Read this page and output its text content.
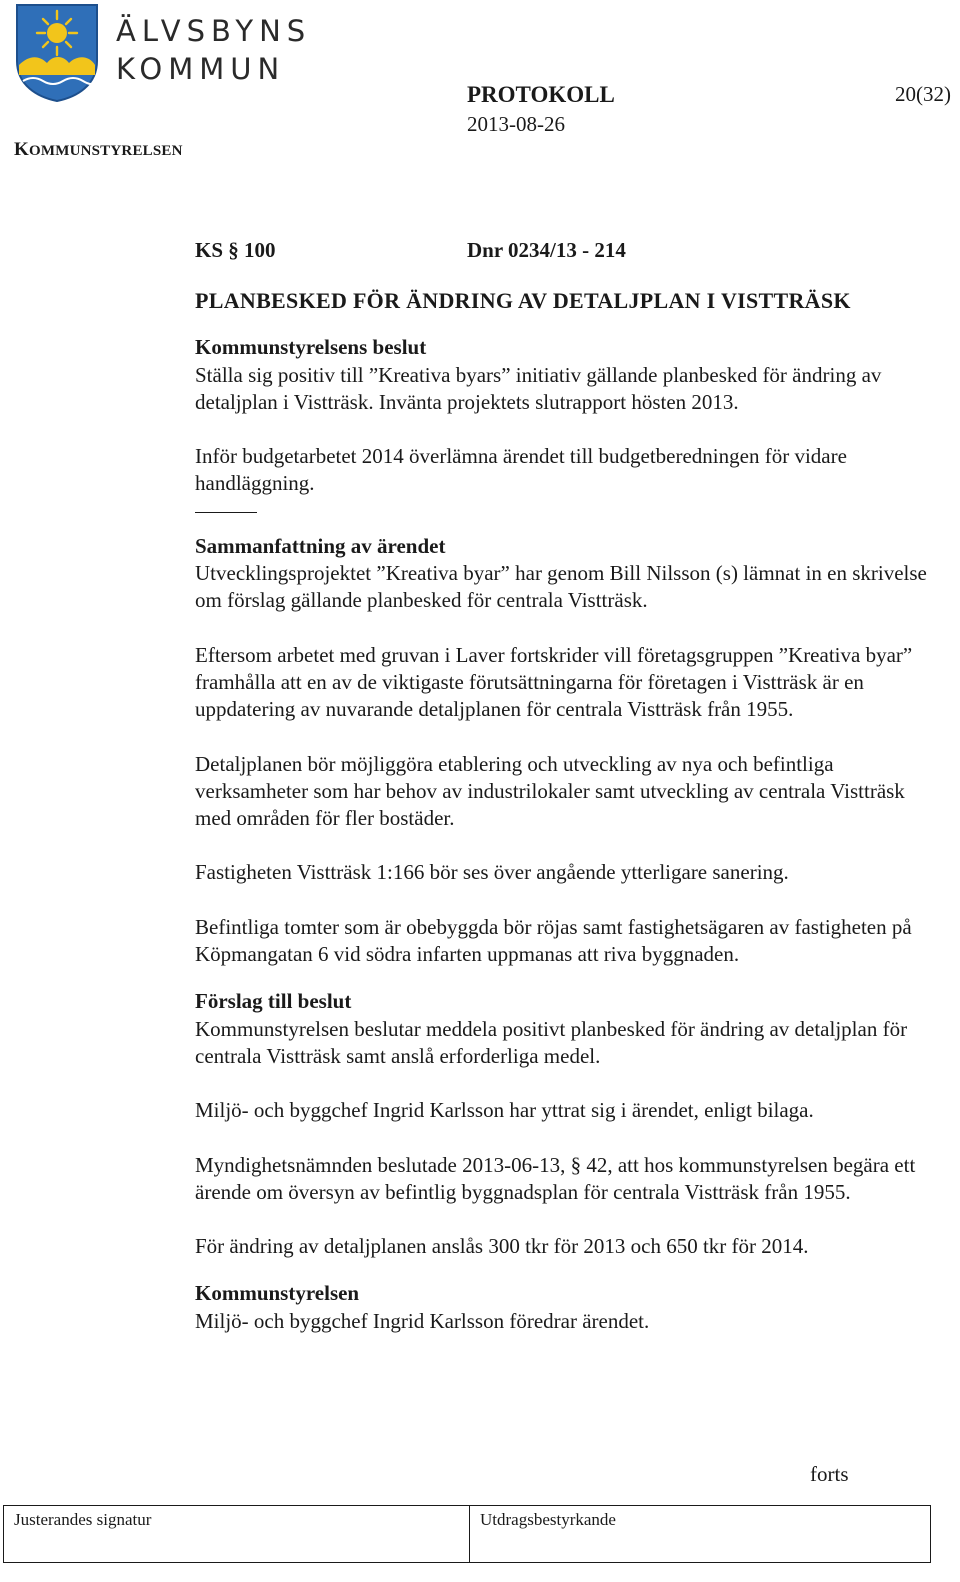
ÄLVSBYNS
KOMMUN
KOMMUNSTYRELSEN
PROTOKOLL
2013-08-26
20(32)
KS § 100	Dnr 0234/13 - 214
PLANBESKED FÖR ÄNDRING AV DETALJPLAN I VISTTRÄSK
Kommunstyrelsens beslut
Ställa sig positiv till ”Kreativa byars” initiativ gällande planbesked för ändring av detaljplan i Vistträsk. Invänta projektets slutrapport hösten 2013.
Inför budgetarbetet 2014 överlämna ärendet till budgetberedningen för vidare handläggning.
Sammanfattning av ärendet
Utvecklingsprojektet ”Kreativa byar” har genom Bill Nilsson (s) lämnat in en skrivelse om förslag gällande planbesked för centrala Vistträsk.
Eftersom arbetet med gruvan i Laver fortskrider vill företagsgruppen ”Kreativa byar” framhålla att en av de viktigaste förutsättningarna för företagen i Vistträsk är en uppdatering av nuvarande detaljplanen för centrala Vistträsk från 1955.
Detaljplanen bör möjliggöra etablering och utveckling av nya och befintliga verksamheter som har behov av industrilokaler samt utveckling av centrala Vistträsk med områden för fler bostäder.
Fastigheten Vistträsk 1:166 bör ses över angående ytterligare sanering.
Befintliga tomter som är obebyggda bör röjas samt fastighetsägaren av fastigheten på Köpmangatan 6 vid södra infarten uppmanas att riva byggnaden.
Förslag till beslut
Kommunstyrelsen beslutar meddela positivt planbesked för ändring av detaljplan för centrala Vistträsk samt anslå erforderliga medel.
Miljö- och byggchef Ingrid Karlsson har yttrat sig i ärendet, enligt bilaga.
Myndighetsnämnden beslutade 2013-06-13, § 42, att hos kommunstyrelsen begära ett ärende om översyn av befintlig byggnadsplan för centrala Vistträsk från 1955.
För ändring av detaljplanen anslås 300 tkr för 2013 och 650 tkr för 2014.
Kommunstyrelsen
Miljö- och byggchef Ingrid Karlsson föredrar ärendet.
forts
Justerandes signatur	Utdragsbestyrkande
